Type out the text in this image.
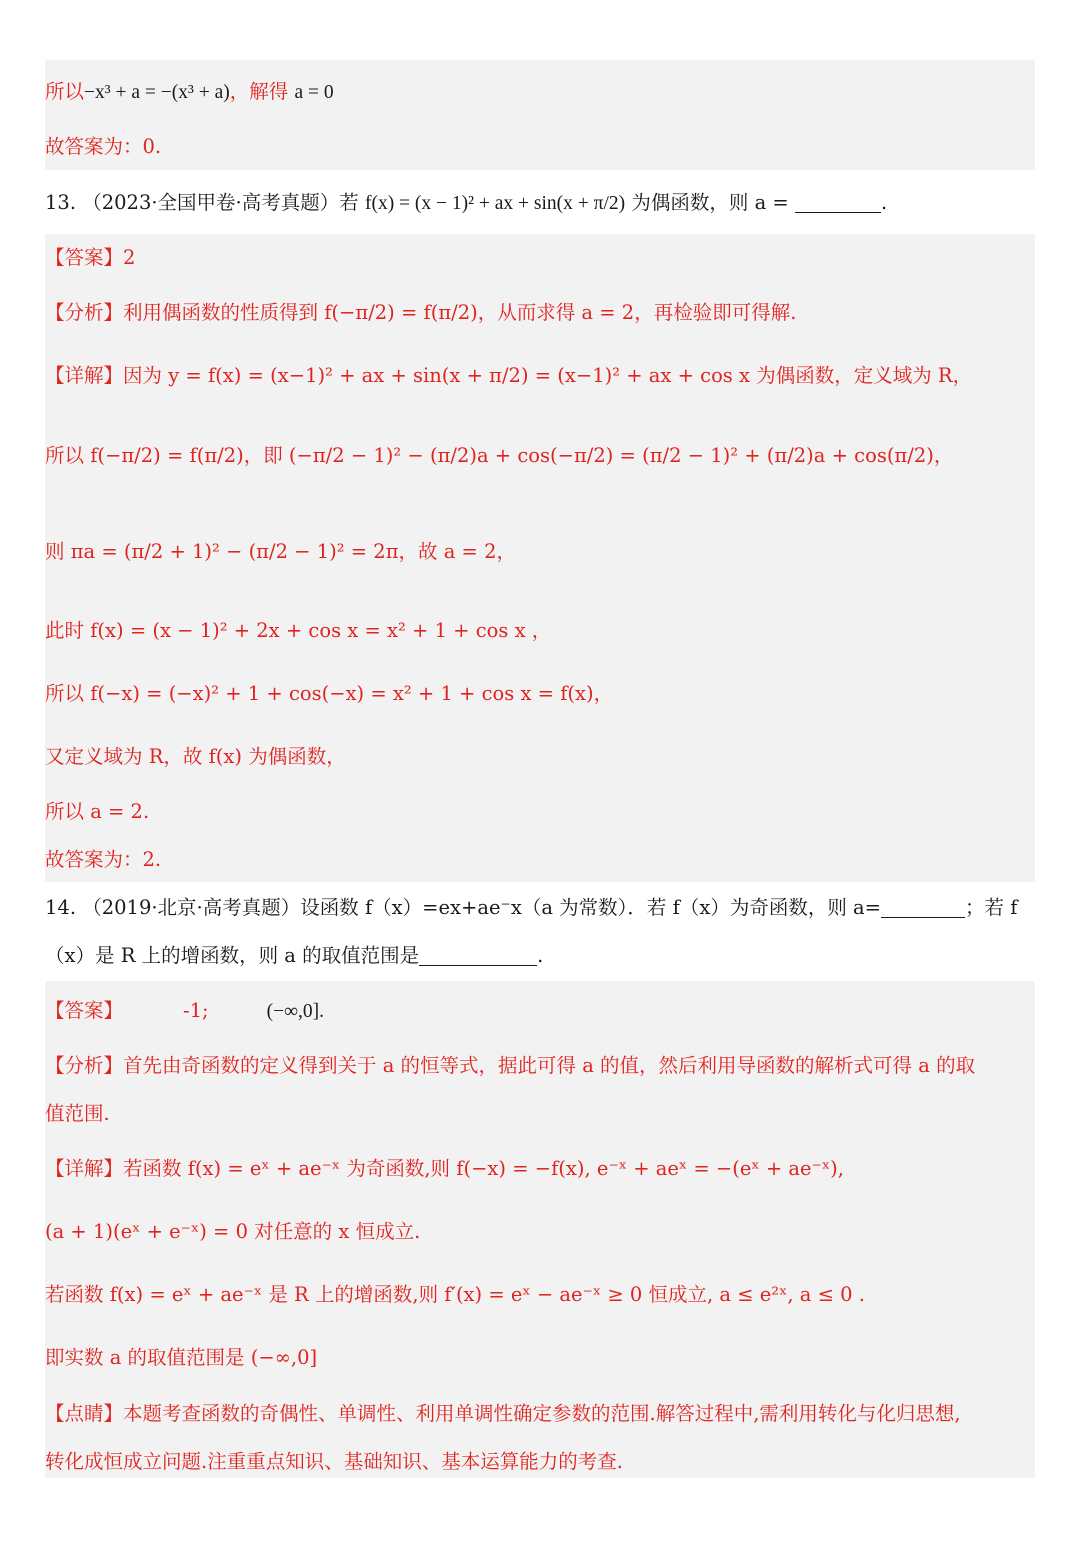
所以−x³ + a = −(x³ + a)，解得 a = 0
故答案为：0.
13. （2023·全国甲卷·高考真题）若 f(x) = (x − 1)² + ax + sin(x + π/2) 为偶函数，则 a =	.
【答案】2
【分析】利用偶函数的性质得到 f(−π/2) = f(π/2)，从而求得 a = 2，再检验即可得解.
【详解】因为 y = f(x) = (x−1)² + ax + sin(x + π/2) = (x−1)² + ax + cos x 为偶函数，定义域为 R，
所以 f(−π/2) = f(π/2)，即 (−π/2 − 1)² − (π/2)a + cos(−π/2) = (π/2 − 1)² + (π/2)a + cos(π/2)，
则 πa = (π/2 + 1)² − (π/2 − 1)² = 2π，故 a = 2，
此时 f(x) = (x − 1)² + 2x + cos x = x² + 1 + cos x ，
所以 f(−x) = (−x)² + 1 + cos(−x) = x² + 1 + cos x = f(x)，
又定义域为 R，故 f(x) 为偶函数，
所以 a = 2.
故答案为：2.
14. （2019·北京·高考真题）设函数 f（x）=ex+ae⁻x（a 为常数）．若 f（x）为奇函数，则 a=	；若 f
（x）是 R 上的增函数，则 a 的取值范围是	.
【答案】	-1;	(−∞,0].
【分析】首先由奇函数的定义得到关于 a 的恒等式，据此可得 a 的值，然后利用导函数的解析式可得 a 的取
值范围.
【详解】若函数 f(x) = eˣ + ae⁻ˣ 为奇函数,则 f(−x) = −f(x), e⁻ˣ + aeˣ = −(eˣ + ae⁻ˣ),
(a + 1)(eˣ + e⁻ˣ) = 0 对任意的 x 恒成立.
若函数 f(x) = eˣ + ae⁻ˣ 是 R 上的增函数,则 f′(x) = eˣ − ae⁻ˣ ≥ 0 恒成立, a ≤ e²ˣ, a ≤ 0 .
即实数 a 的取值范围是 (−∞,0]
【点睛】本题考查函数的奇偶性、单调性、利用单调性确定参数的范围.解答过程中,需利用转化与化归思想,
转化成恒成立问题.注重重点知识、基础知识、基本运算能力的考查.
